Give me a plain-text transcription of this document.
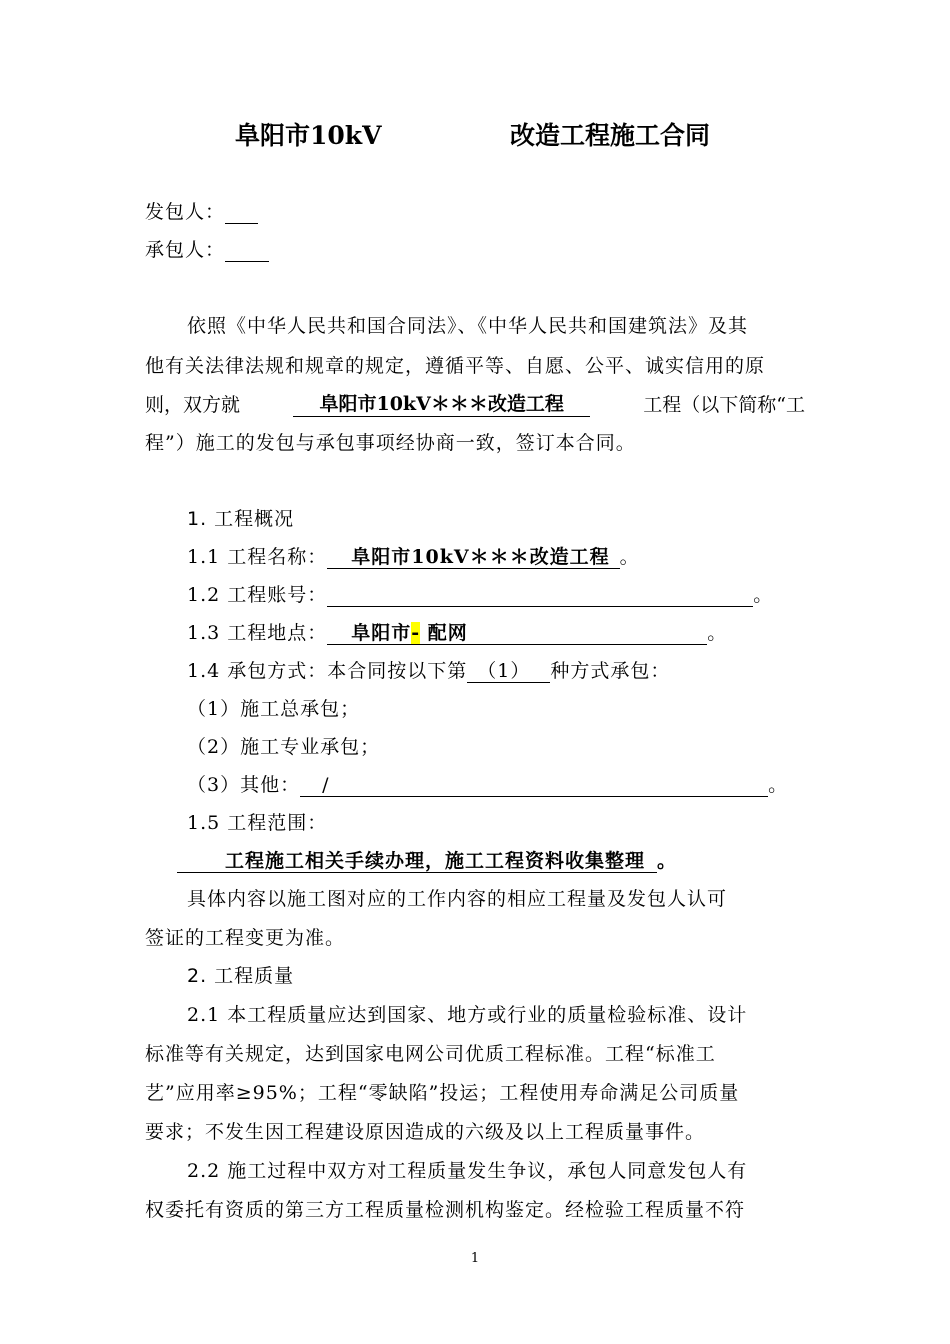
阜阳市10kV	改造工程施工合同
发包人：
承包人：
依照《中华人民共和国合同法》、《中华人民共和国建筑法》及其
他有关法律法规和规章的规定，遵循平等、自愿、公平、诚实信用的原
则，双方就	阜阳市10kV＊＊＊改造工程	工程（以下简称“工
程”）施工的发包与承包事项经协商一致，签订本合同。
1. 工程概况
1.1 工程名称： 阜阳市10kV＊＊＊改造工程 。
1.2 工程账号：	。
1.3 工程地点： 阜阳市- 配网	。
1.4 承包方式：本合同按以下第 （1） 种方式承包：
（1）施工总承包；
（2）施工专业承包；
（3）其他： /	。
1.5 工程范围：
工程施工相关手续办理，施工工程资料收集整理 。
具体内容以施工图对应的工作内容的相应工程量及发包人认可
签证的工程变更为准。
2. 工程质量
2.1 本工程质量应达到国家、地方或行业的质量检验标准、设计
标准等有关规定，达到国家电网公司优质工程标准。工程“标准工
艺”应用率≥95%；工程“零缺陷”投运；工程使用寿命满足公司质量
要求；不发生因工程建设原因造成的六级及以上工程质量事件。
2.2 施工过程中双方对工程质量发生争议，承包人同意发包人有
权委托有资质的第三方工程质量检测机构鉴定。经检验工程质量不符
1
